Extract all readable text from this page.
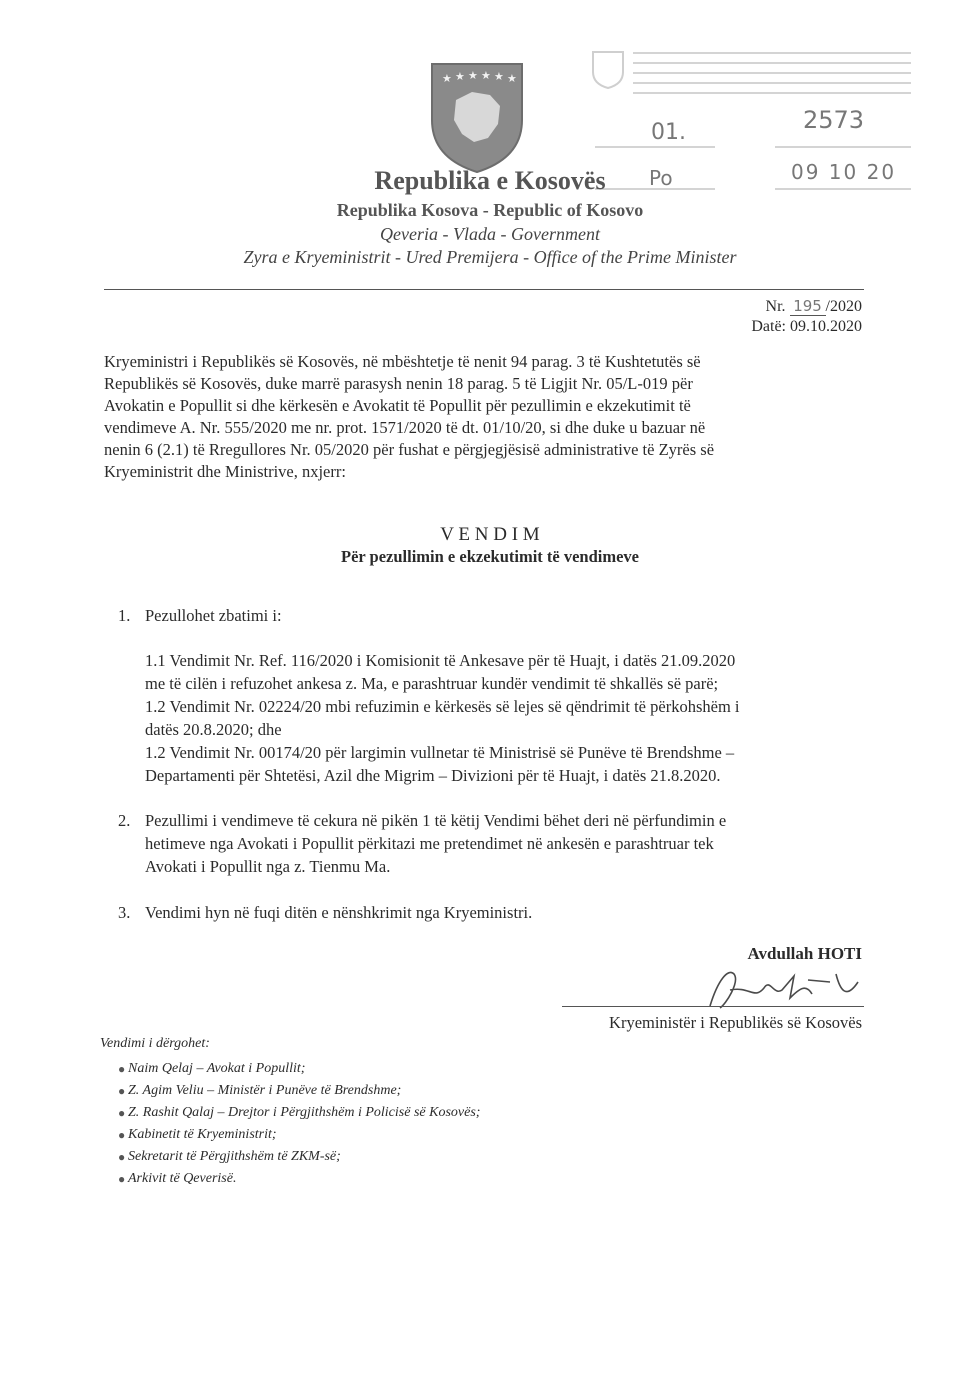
★ ★ ★ ★ ★ ★
01.	2573
Po	09 10 20
Republika e Kosovës
Republika Kosova - Republic of Kosovo
Qeveria - Vlada - Government
Zyra e Kryeministrit - Ured Premijera - Office of the Prime Minister
Nr. 195 /2020
Datë: 09.10.2020
Kryeministri i Republikës së Kosovës, në mbështetje të nenit 94 parag. 3 të Kushtetutës së
Republikës së Kosovës, duke marrë parasysh nenin 18 parag. 5 të Ligjit Nr. 05/L-019 për
Avokatin e Popullit si dhe kërkesën e Avokatit të Popullit për pezullimin e ekzekutimit të
vendimeve A. Nr. 555/2020 me nr. prot. 1571/2020 të dt. 01/10/20, si dhe duke u bazuar në
nenin 6 (2.1) të Rregullores Nr. 05/2020 për fushat e përgjegjësisë administrative të Zyrës së
Kryeministrit dhe Ministrive, nxjerr:
V E N D I M
Për pezullimin e ekzekutimit të vendimeve
1. Pezullohet zbatimi i:
1.1 Vendimit Nr. Ref. 116/2020 i Komisionit të Ankesave për të Huajt, i datës 21.09.2020
me të cilën i refuzohet ankesa z. Ma, e parashtruar kundër vendimit të shkallës së parë;
1.2 Vendimit Nr. 02224/20 mbi refuzimin e kërkesës së lejes së qëndrimit të përkohshëm i
datës 20.8.2020; dhe
1.2 Vendimit Nr. 00174/20 për largimin vullnetar të Ministrisë së Punëve të Brendshme –
Departamenti për Shtetësi, Azil dhe Migrim – Divizioni për të Huajt, i datës 21.8.2020.
2. Pezullimi i vendimeve të cekura në pikën 1 të këtij Vendimi bëhet deri në përfundimin e
hetimeve nga Avokati i Popullit përkitazi me pretendimet në ankesën e parashtruar tek
Avokati i Popullit nga z. Tienmu Ma.
3. Vendimi hyn në fuqi ditën e nënshkrimit nga Kryeministri.
Avdullah HOTI
Kryeministër i Republikës së Kosovës
Vendimi i dërgohet:
● Naim Qelaj – Avokat i Popullit;
● Z. Agim Veliu – Ministër i Punëve të Brendshme;
● Z. Rashit Qalaj – Drejtor i Përgjithshëm i Policisë së Kosovës;
● Kabinetit të Kryeministrit;
● Sekretarit të Përgjithshëm të ZKM-së;
● Arkivit të Qeverisë.
